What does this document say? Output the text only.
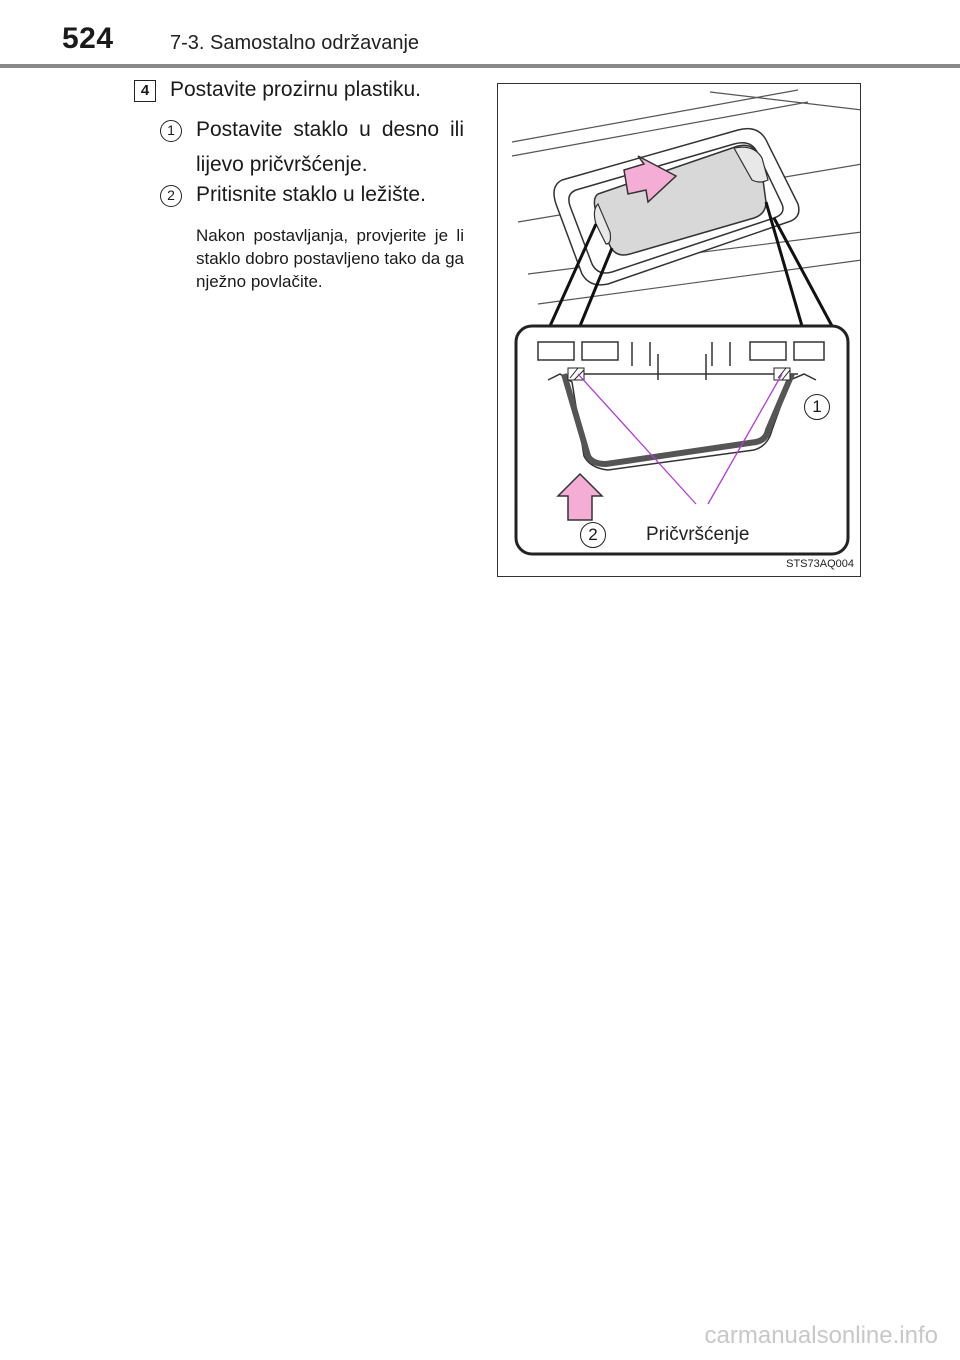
524	7-3. Samostalno održavanje
4 Postavite prozirnu plastiku.
1	Postavite staklo u desno ili lijevo pričvršćenje.
2	Pritisnite staklo u ležište.
Nakon postavljanja, provjerite je li staklo dobro postavljeno tako da ga nježno povlačite.
1
2	Pričvršćenje
STS73AQ004
carmanualsonline.info
